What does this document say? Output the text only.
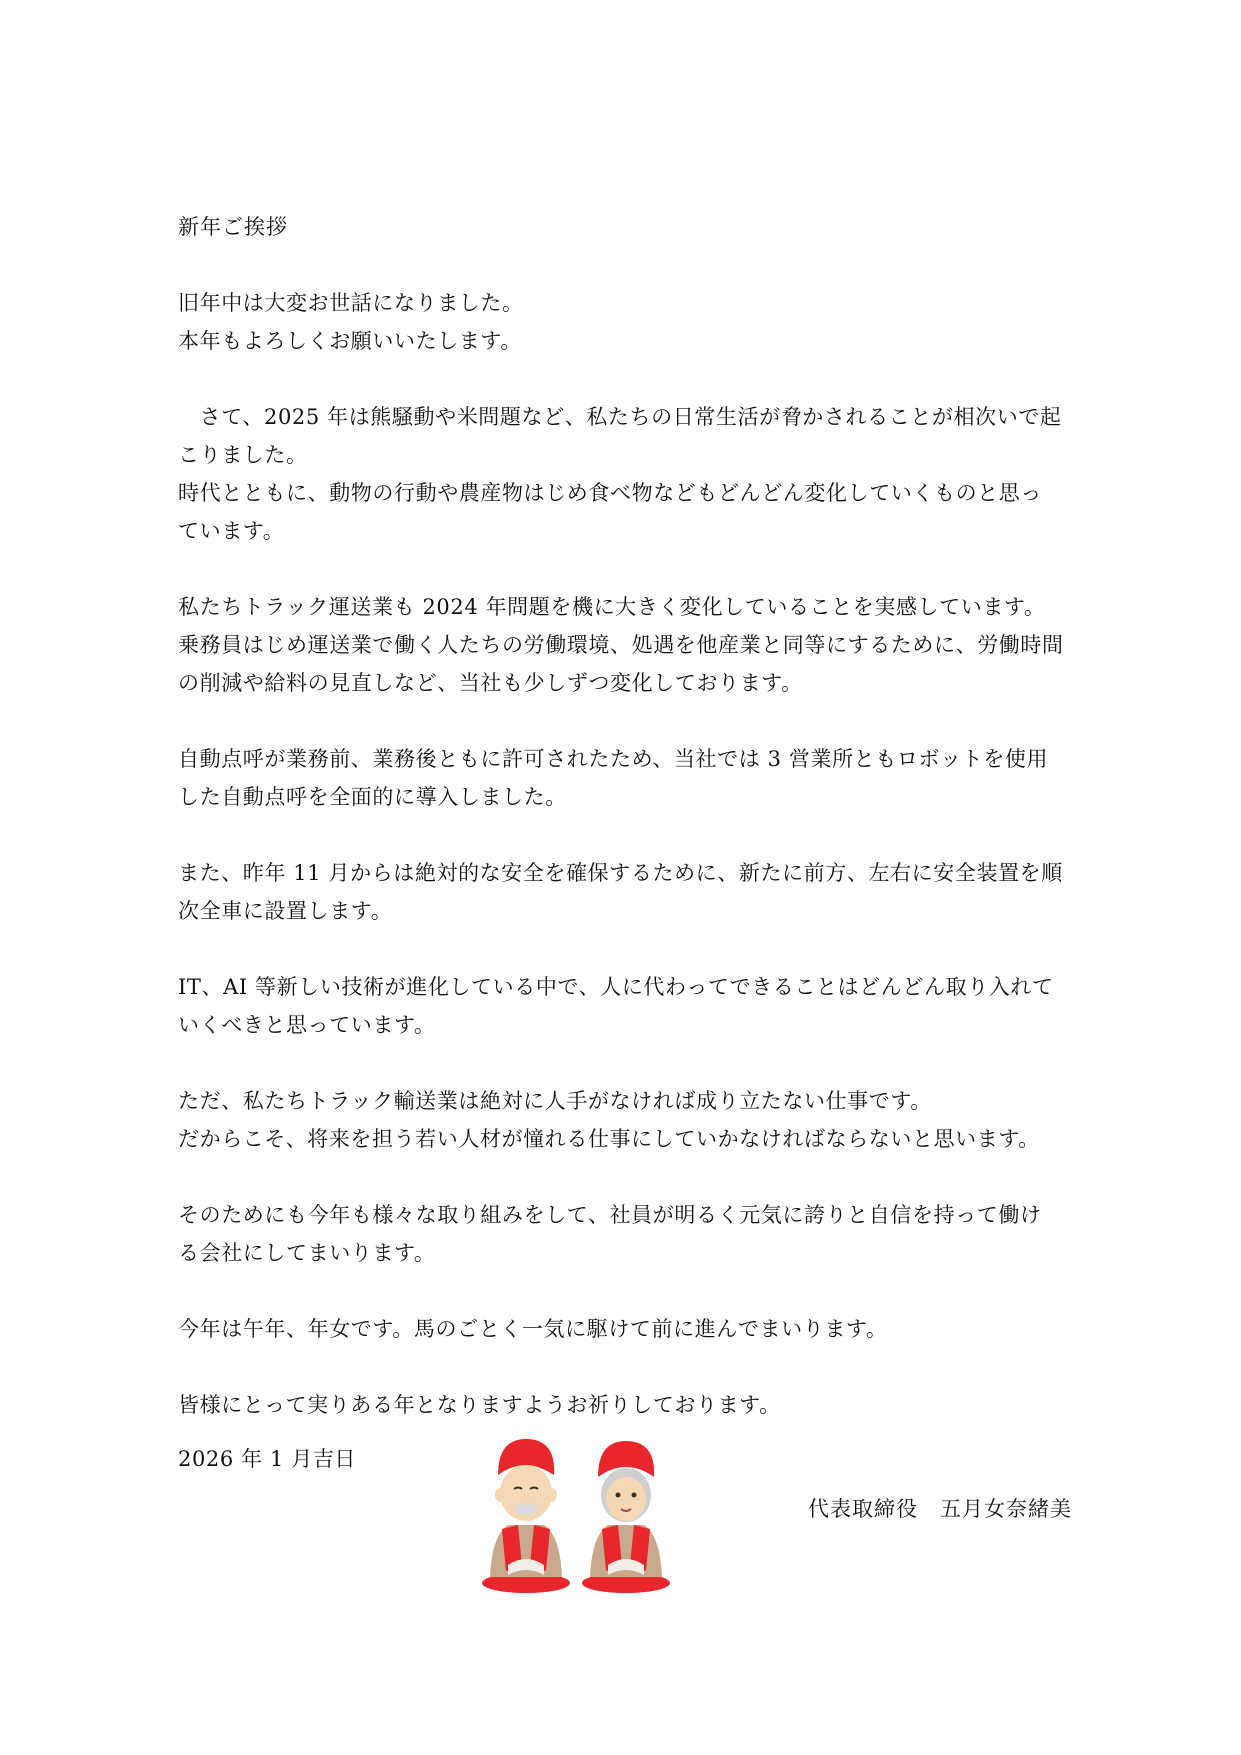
新年ご挨拶
旧年中は大変お世話になりました。
本年もよろしくお願いいたします。
　さて、2025 年は熊騒動や米問題など、私たちの日常生活が脅かされることが相次いで起
こりました。
時代とともに、動物の行動や農産物はじめ食べ物などもどんどん変化していくものと思っ
ています。
私たちトラック運送業も 2024 年問題を機に大きく変化していることを実感しています。
乗務員はじめ運送業で働く人たちの労働環境、処遇を他産業と同等にするために、労働時間
の削減や給料の見直しなど、当社も少しずつ変化しております。
自動点呼が業務前、業務後ともに許可されたため、当社では 3 営業所ともロボットを使用
した自動点呼を全面的に導入しました。
また、昨年 11 月からは絶対的な安全を確保するために、新たに前方、左右に安全装置を順
次全車に設置します。
IT、AI 等新しい技術が進化している中で、人に代わってできることはどんどん取り入れて
いくべきと思っています。
ただ、私たちトラック輸送業は絶対に人手がなければ成り立たない仕事です。
だからこそ、将来を担う若い人材が憧れる仕事にしていかなければならないと思います。
そのためにも今年も様々な取り組みをして、社員が明るく元気に誇りと自信を持って働け
る会社にしてまいります。
今年は午年、年女です。馬のごとく一気に駆けて前に進んでまいります。
皆様にとって実りある年となりますようお祈りしております。
2026 年 1 月吉日
代表取締役　五月女奈緒美
